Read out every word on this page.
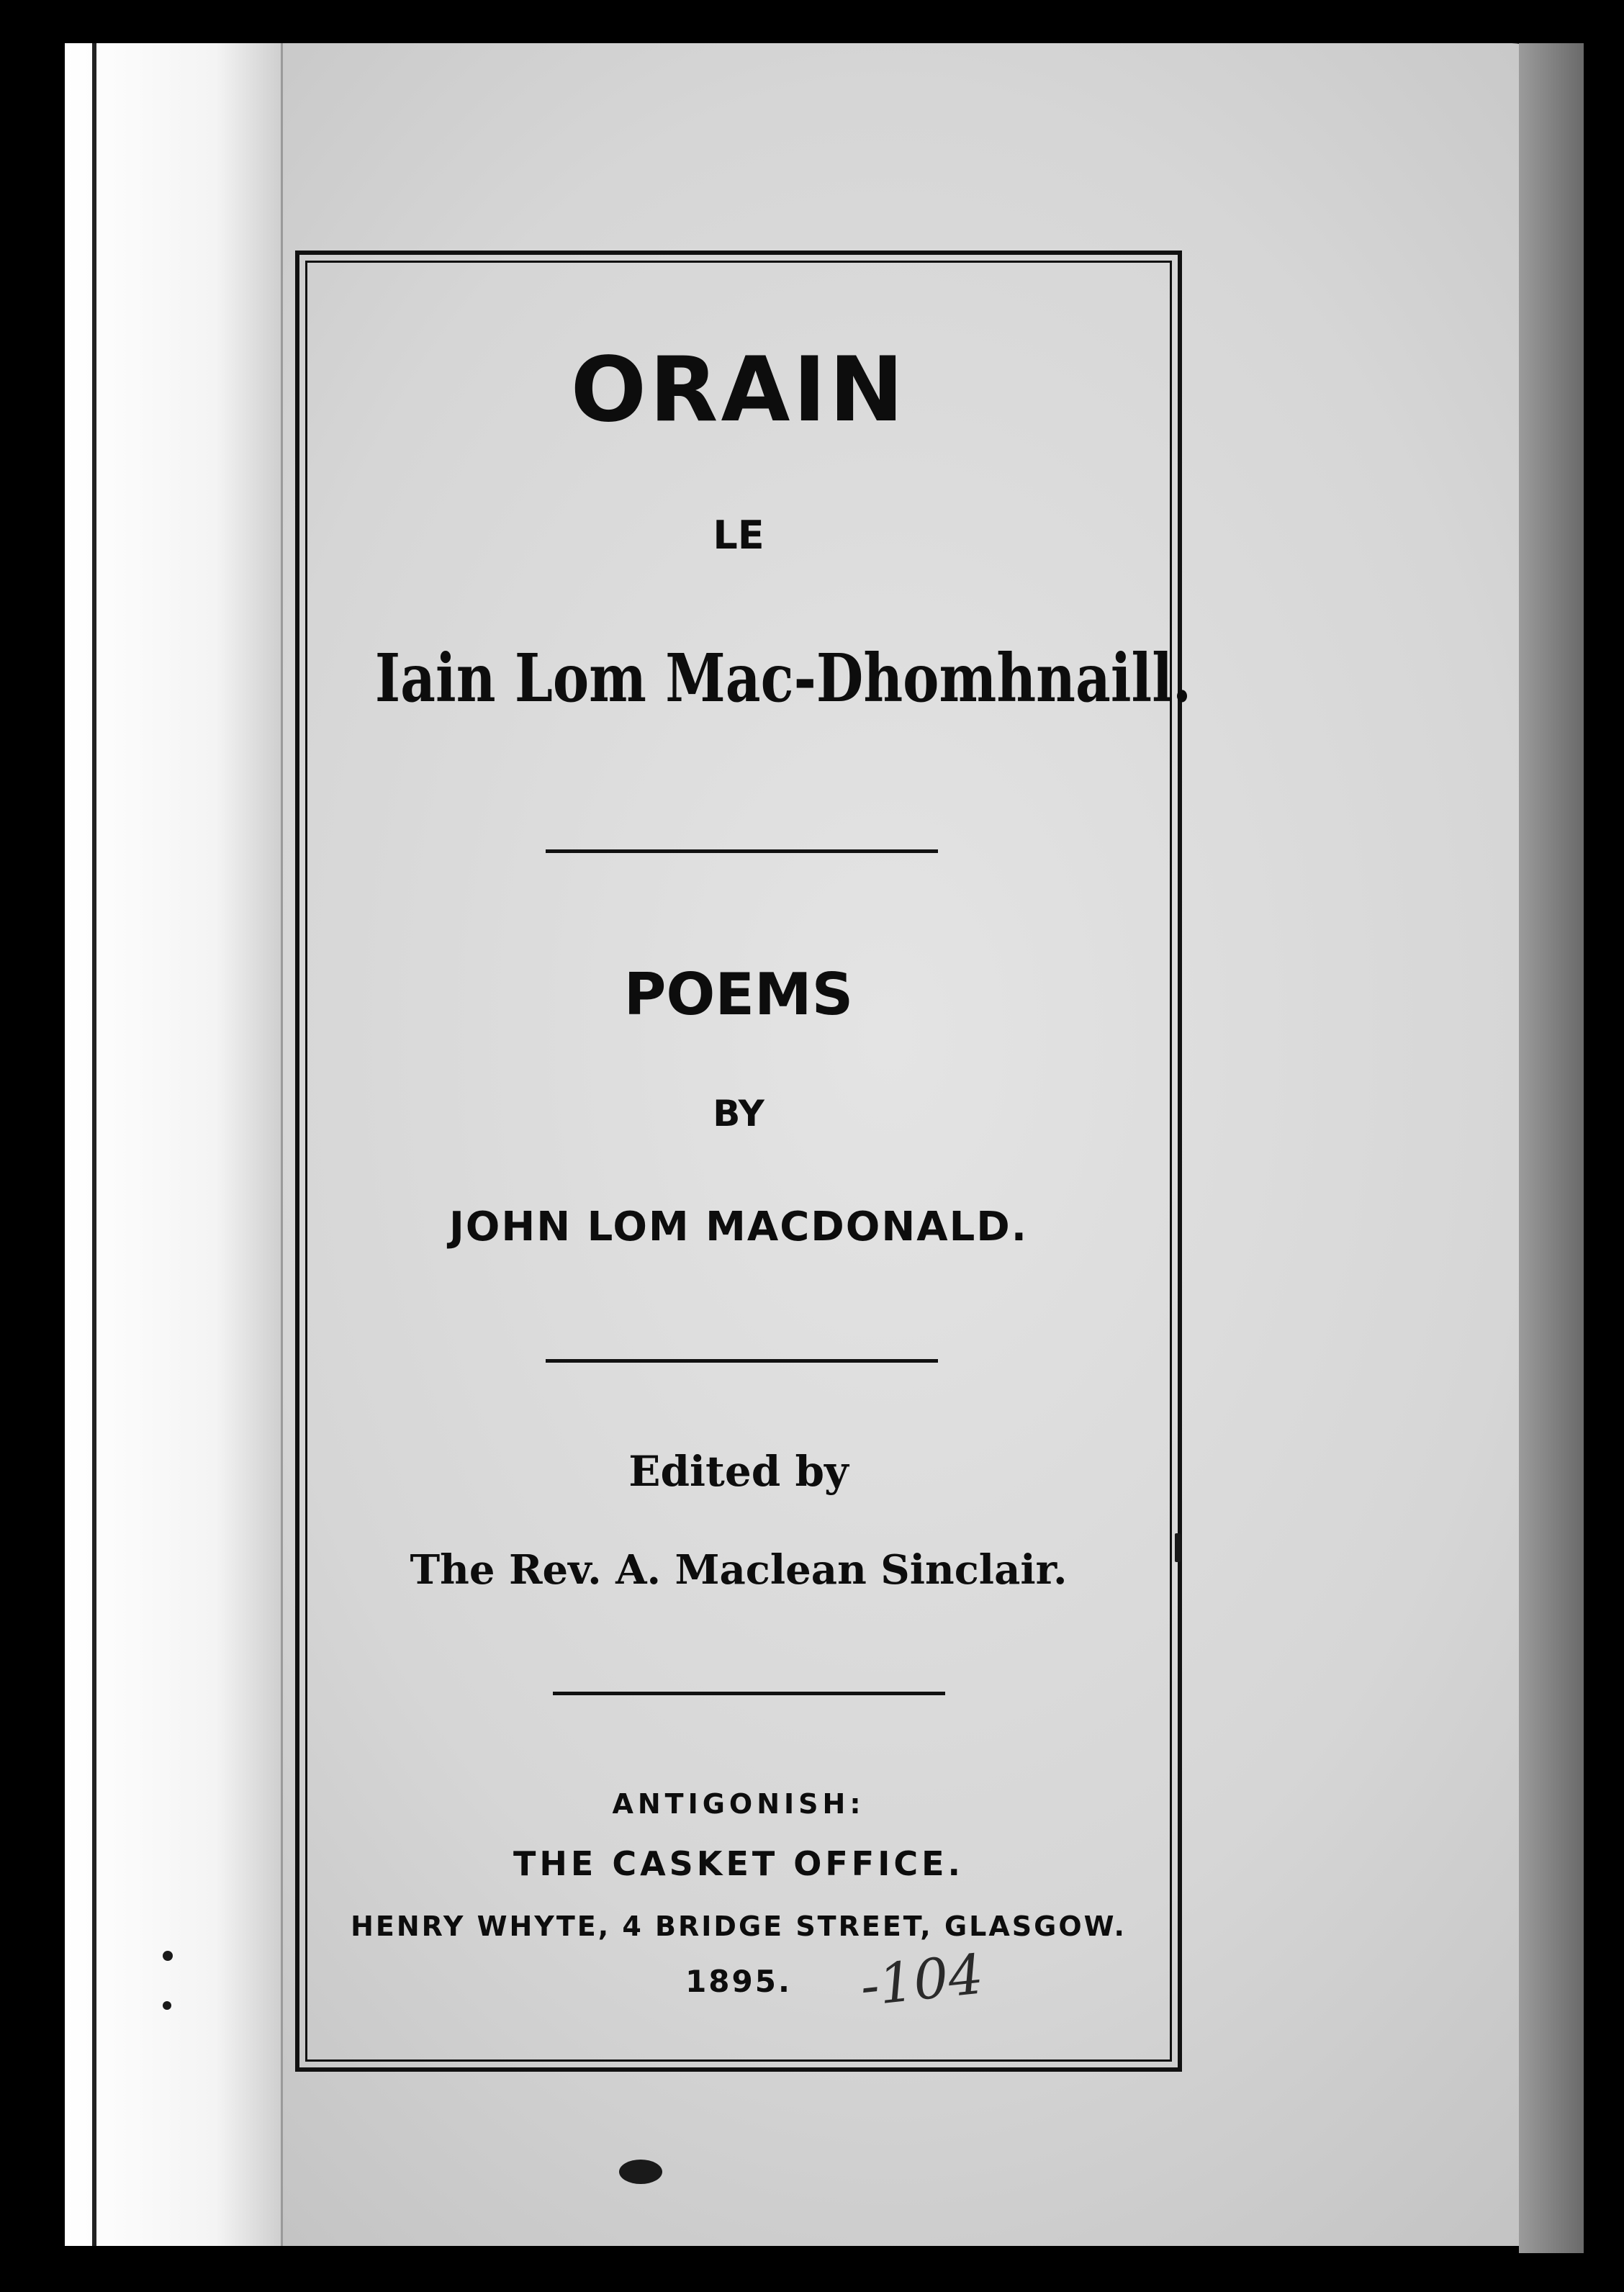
ORAIN

LE

Iain Lom Mac-Dhomhnaill.

POEMS

BY

JOHN LOM MACDONALD.

Edited by

The Rev. A. Maclean Sinclair.

ANTIGONISH:

THE CASKET OFFICE.

HENRY WHYTE, 4 BRIDGE STREET, GLASGOW.

1895.	-104
